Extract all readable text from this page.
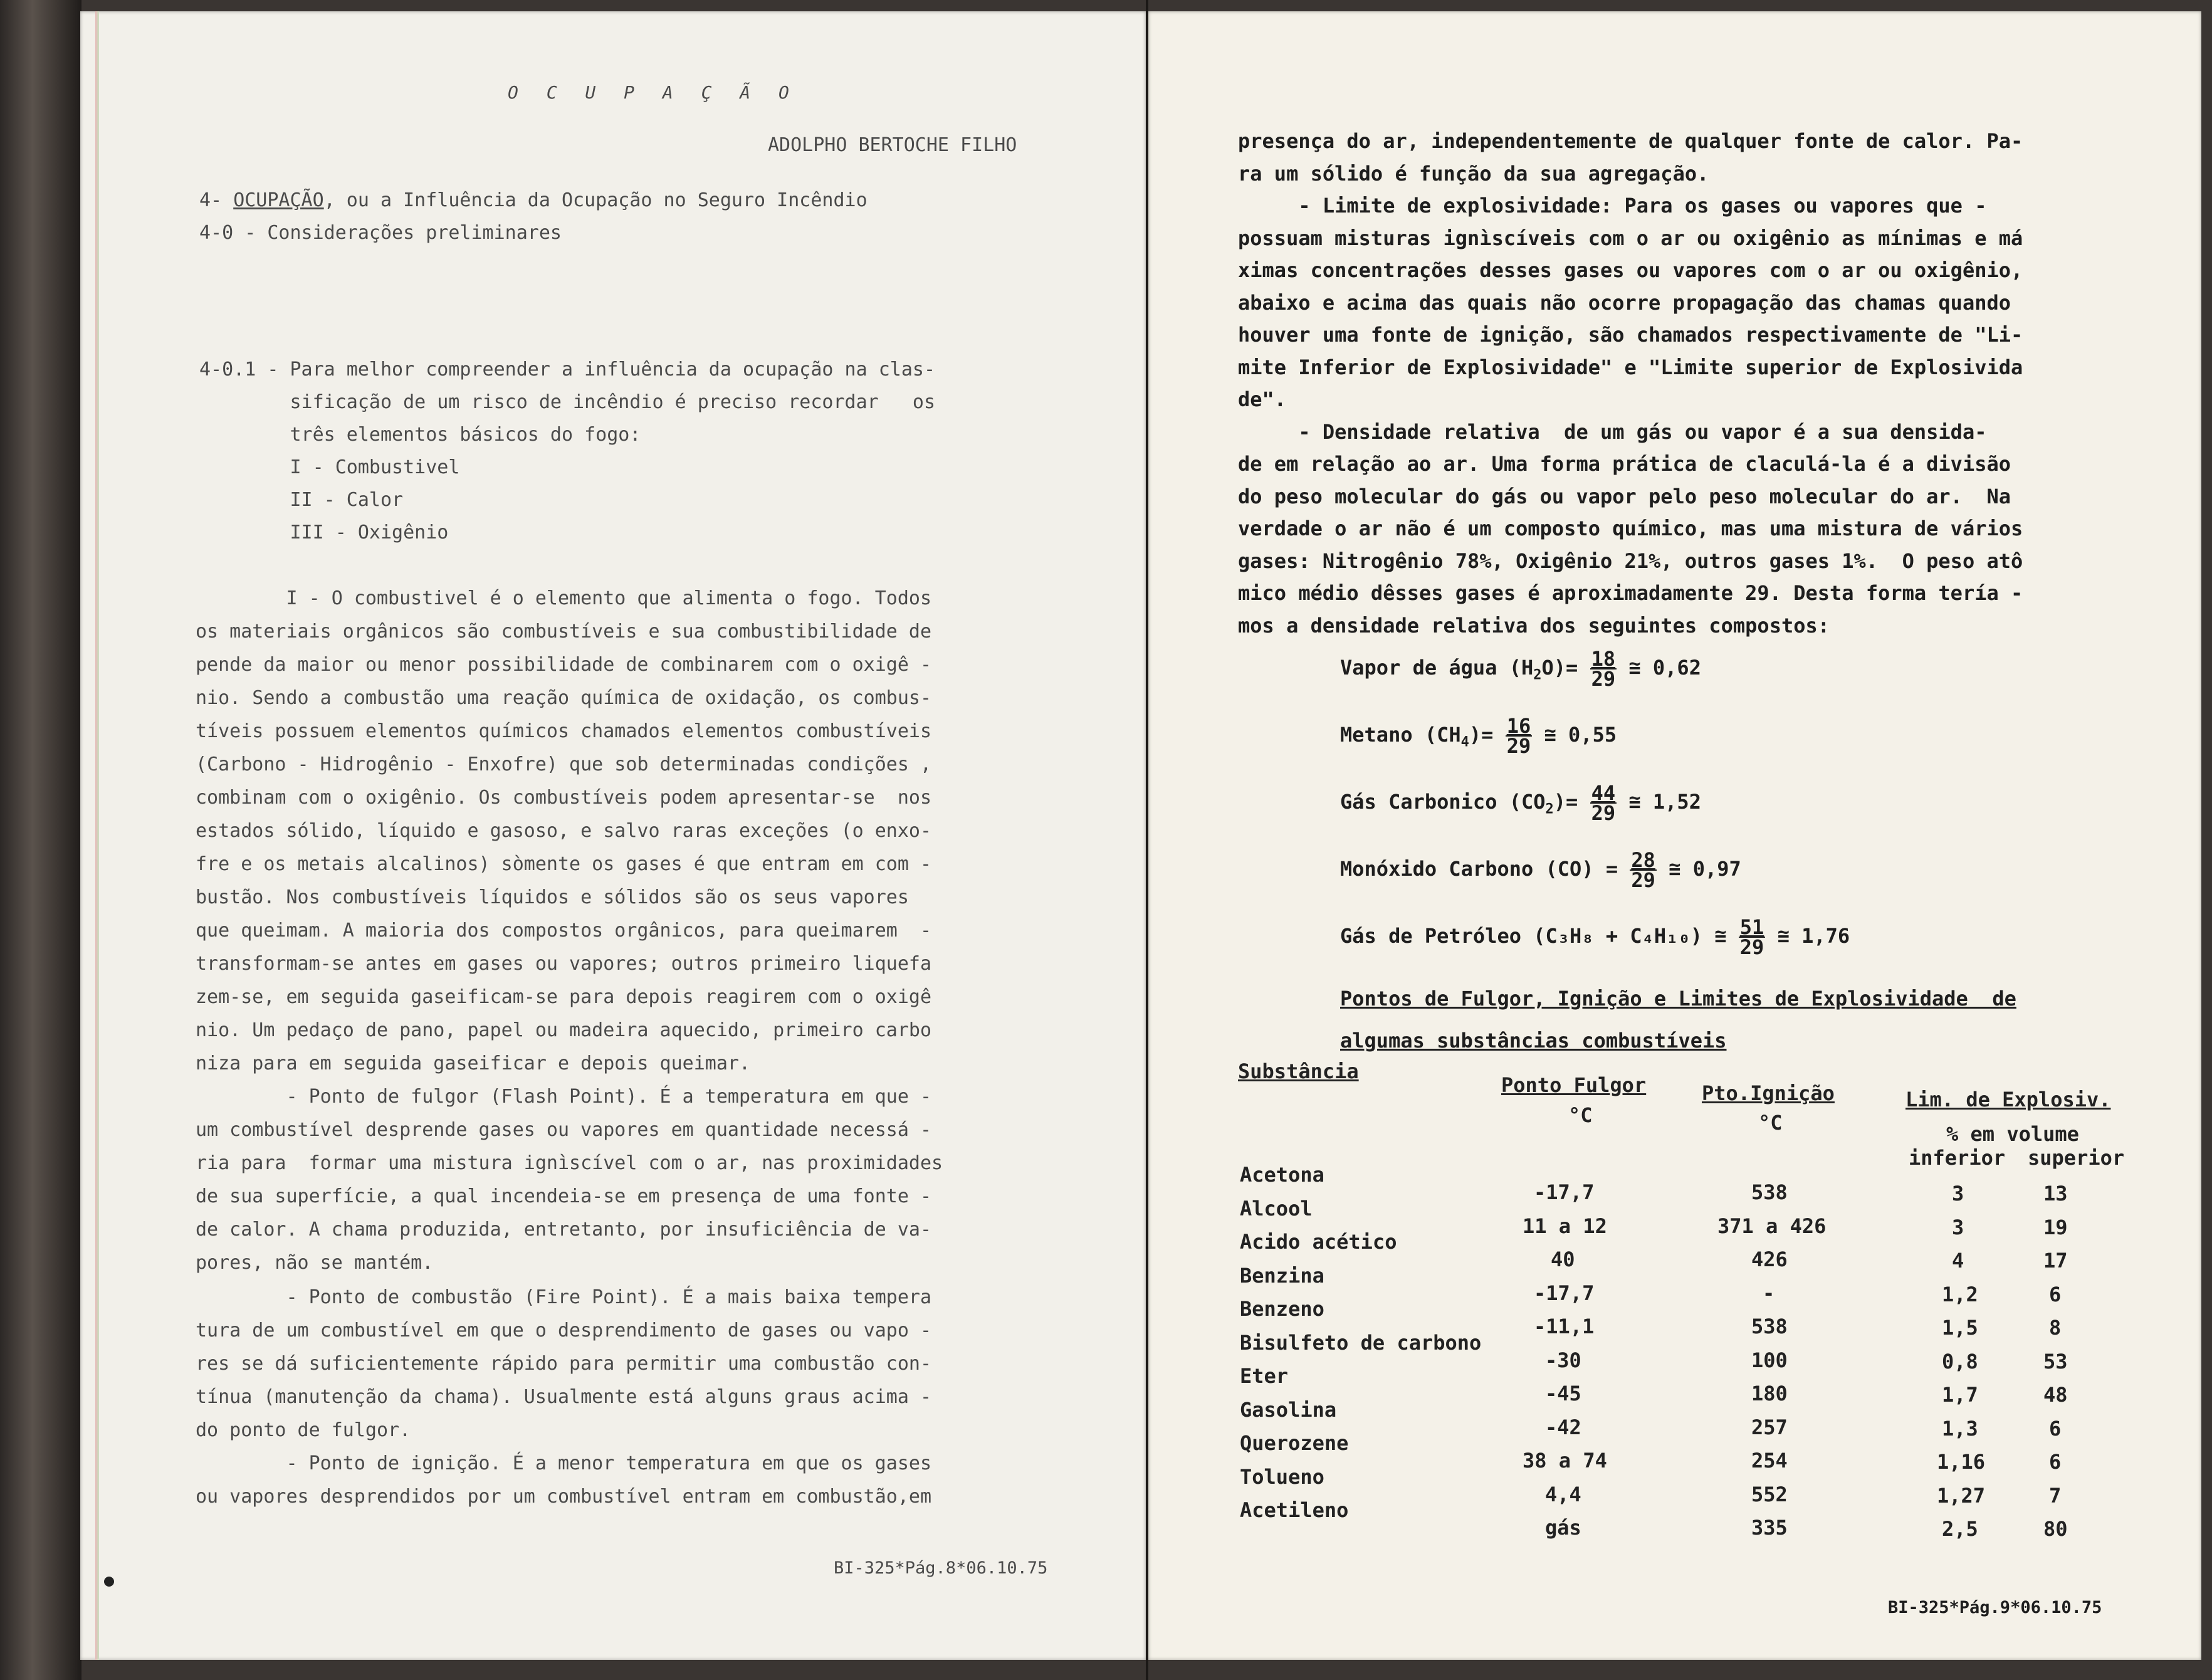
O C U P A Ç Ã O
ADOLPHO BERTOCHE FILHO
4- OCUPAÇÃO, ou a Influência da Ocupação no Seguro Incêndio
4-0 - Considerações preliminares
4-0.1 - Para melhor compreender a influência da ocupação na clas-
sificação de um risco de incêndio é preciso recordar   os
três elementos básicos do fogo:
I - Combustivel
II - Calor
III - Oxigênio
I - O combustivel é o elemento que alimenta o fogo. Todos
os materiais orgânicos são combustíveis e sua combustibilidade de
pende da maior ou menor possibilidade de combinarem com o oxigê -
nio. Sendo a combustão uma reação química de oxidação, os combus-
tíveis possuem elementos químicos chamados elementos combustíveis
(Carbono - Hidrogênio - Enxofre) que sob determinadas condições ,
combinam com o oxigênio. Os combustíveis podem apresentar-se  nos
estados sólido, líquido e gasoso, e salvo raras exceções (o enxo-
fre e os metais alcalinos) sòmente os gases é que entram em com -
bustão. Nos combustíveis líquidos e sólidos são os seus vapores
que queimam. A maioria dos compostos orgânicos, para queimarem  -
transformam-se antes em gases ou vapores; outros primeiro liquefa
zem-se, em seguida gaseificam-se para depois reagirem com o oxigê
nio. Um pedaço de pano, papel ou madeira aquecido, primeiro carbo
niza para em seguida gaseificar e depois queimar.
- Ponto de fulgor (Flash Point). É a temperatura em que -
um combustível desprende gases ou vapores em quantidade necessá -
ria para  formar uma mistura ignìscível com o ar, nas proximidades
de sua superfície, a qual incendeia-se em presença de uma fonte -
de calor. A chama produzida, entretanto, por insuficiência de va-
pores, não se mantém.
- Ponto de combustão (Fire Point). É a mais baixa tempera
tura de um combustível em que o desprendimento de gases ou vapo -
res se dá suficientemente rápido para permitir uma combustão con-
tínua (manutenção da chama). Usualmente está alguns graus acima -
do ponto de fulgor.
- Ponto de ignição. É a menor temperatura em que os gases
ou vapores desprendidos por um combustível entram em combustão,em
BI-325*Pág.8*06.10.75
presença do ar, independentemente de qualquer fonte de calor. Pa-
ra um sólido é função da sua agregação.
- Limite de explosividade: Para os gases ou vapores que -
possuam misturas ignìscíveis com o ar ou oxigênio as mínimas e má
ximas concentrações desses gases ou vapores com o ar ou oxigênio,
abaixo e acima das quais não ocorre propagação das chamas quando
houver uma fonte de ignição, são chamados respectivamente de "Li-
mite Inferior de Explosividade" e "Limite superior de Explosivida
de".
- Densidade relativa  de um gás ou vapor é a sua densida-
de em relação ao ar. Uma forma prática de claculá-la é a divisão
do peso molecular do gás ou vapor pelo peso molecular do ar.  Na
verdade o ar não é um composto químico, mas uma mistura de vários
gases: Nitrogênio 78%, Oxigênio 21%, outros gases 1%.  O peso atô
mico médio dêsses gases é aproximadamente 29. Desta forma tería -
mos a densidade relativa dos seguintes compostos:
Vapor de água $(H_2O)= \frac{18}{29}$ ≅ 0,62
Metano $(CH_4)= \frac{16}{29}$ ≅ 0,55
Gás Carbonico $(CO_2)= \frac{44}{29}$ ≅ 1,52
Monóxido Carbono $(CO) = \frac{28}{29}$ ≅ 0,97
Gás de Petróleo (C₃H₈ + C₄H₁₀) ≅ $\frac{51}{29}$ ≅ 1,76
Pontos de Fulgor, Ignição e Limites de Explosividade  de
algumas substâncias combustíveis
Substância
Ponto Fulgor
°C
Pto.Ignição
°C
Lim. de Explosiv.
% em volume
inferior superior
Acetona
-17,7	538	3	13
Alcool
11 a 12	371 a 426	3	19
Acido acético
40	426	4	17
Benzina
-17,7	-	1,2	6
Benzeno
-11,1	538	1,5	8
Bisulfeto de carbono
-30	100	0,8	53
Eter
-45	180	1,7	48
Gasolina
-42	257	1,3	6
Querozene
38 a 74	254	1,16	6
Tolueno
4,4	552	1,27	7
Acetileno
gás	335	2,5	80
BI-325*Pág.9*06.10.75
